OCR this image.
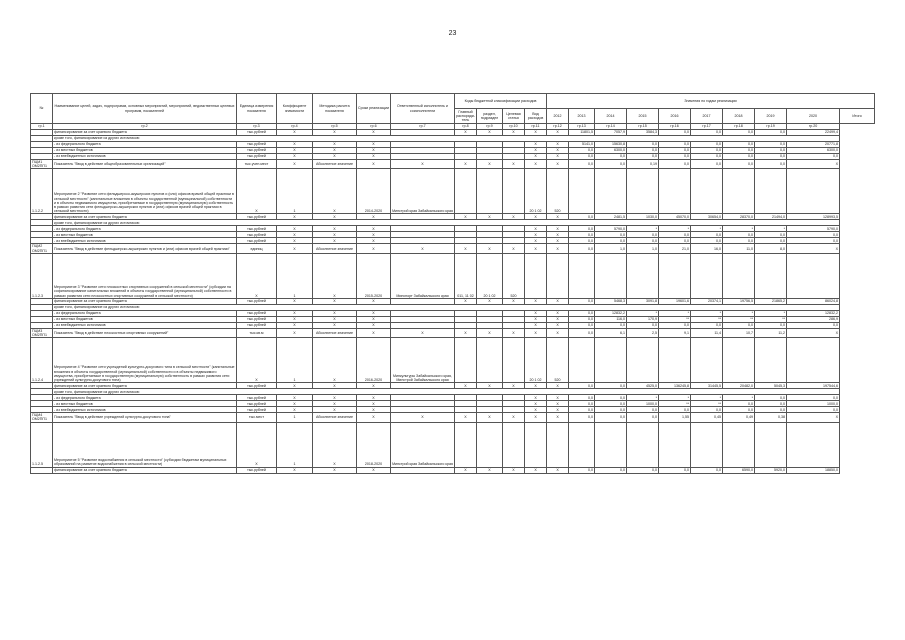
23
№	Наименование целей, задач, подпрограмм, основных мероприятий, мероприятий, ведомственных целевых программ, показателей	Единица измерения показателя	Коэффициент значимости	Методика расчета показателя	Сроки реализации	Ответственный исполнитель и соисполнители	Коды бюджетной классификации расходов				Значения по годам реализации									
							Главный распоряди-тель	раздел, подраздел	Целевая статья	Вид расходов	2012	2013	2014	2015	2016	2017	2018	2019	2020	Итого
гр.1	гр.2	гр.3	гр.4	гр.5	гр.6	гр.7	гр.8	гр.9	гр.10	гр.11	гр.12	гр.13	гр.14	гр.15	гр.16	гр.17	гр.18	гр.19	гр.20	
	финансирование за счет краевого бюджета	тыс.рублей	X	X	X		X	X	X	X	X	11801,5	7057,9	3584,3	0,0	0,0	0,0	0,0	22499,4	
	кроме того, финансирование из других источников:																			
	- из федерального бюджета	тыс.рублей	X	X	X					X	X	5141,0	15630,8	0,0	0,0	0,0	0,0	0,0	20771,8	
	- из местных бюджетов	тыс.рублей	X	X	X					X	X	0,0	6300,0	0,0	0,0	0,0	0,0	0,0	6300,0	
	- из внебюджетных источников	тыс.рублей	X	X	X					X	X	0,0	0,0	0,0	0,0	0,0	0,0	0,0	0,0	
ПЦМ1 ОМ2ПП1	Показатель "Ввод в действие общеобразовательных организаций"	тыс.учен.мест	X	Абсолютное значение	X	X	X	X	X	X	X	0,0	0,0	0,19	0,0	0,0	0,0	0,0	X	
1.1.2.2	Мероприятие 2 "Развитие сети фельдшерско-акушерских пунктов и (или) офисов врачей общей практики в сельской местности" (капитальные вложения в объекты государственной (муниципальной) собственности и в объекты недвижимого имущества, приобретаемые в государственную (муниципальную) собственность в рамках развития сети фельдшерско-акушерских пунктов и (или) офисов врачей общей практики в сельской местности)	X	1	X	2014-2020	Минстрой края Забайкальского края				20 1 02	520									
	финансирование за счет краевого бюджета	тыс.рублей	X	X	X		X	X	X	X	X	0,0	2481,5	1030,0	45070,0	30654,0	28370,0	21494,0	128993,5	
	кроме того, финансирование из других источников:																			
	- из федерального бюджета	тыс.рублей	X	X	X					X	X	0,0	5790,0	*	*	*	*	*	5790,0	
	- из местных бюджетов	тыс.рублей	X	X	X					X	X	0,0	0,0	0,0	0,0	0,0	0,0	0,0	0,0	
	- из внебюджетных источников	тыс.рублей	X	X	X					X	X	0,0	0,0	0,0	0,0	0,0	0,0	0,0	0,0	
ПЦМ2 ОМ2ПП1	Показатель "Ввод в действие фельдшерско-акушерских пунктов и (или) офисов врачей общей практики"	единиц	X	Абсолютное значение	X	X	X	X	X	X	X	0,0	1,0	1,0	21,0	16,0	11,0	8,0	X	
1.1.2.3	Мероприятие 3 "Развитие сети плоскостных спортивных сооружений в сельской местности" (субсидии на софинансирование капитальных вложений в объекты государственной (муниципальной) собственности в рамках развития сети плоскостных спортивных сооружений в сельской местности)	X	1	X	2015-2020	Минспорт Забайкальского края	011, 11 02	20 1 02	520											
	финансирование за счет краевого бюджета	тыс.рублей	X	X	X		X	X	X	X	X	0,0	5468,3	3091,8	19601,6	20374,1	19756,5	21865,2	86024,8	
	кроме того, финансирование из других источников:																			
	- из федерального бюджета	тыс.рублей	X	X	X					X	X	0,0	12832,2	*	*	*	*	*	12832,2	
	- из местных бюджетов	тыс.рублей	X	X	X					X	X	0,0	116,0	170,9	**	**	**	**	286,9	
	- из внебюджетных источников	тыс.рублей	X	X	X					X	X	0,0	0,0	0,0	0,0	0,0	0,0	0,0	0,0	
ПЦМ3 ОМ2ПП1	Показатель "Ввод в действие плоскостных спортивных сооружений"	тыс.кв.м	X	Абсолютное значение	X	X	X	X	X	X	X	0,0	6,1	2,5	9,1	11,4	10,7	11,2	X	
1.1.2.4	Мероприятие 4 "Развитие сети учреждений культурно-досугового типа в сельской местности" (капитальные вложения в объекты государственной (муниципальной) собственности и в объекты недвижимого имущества, приобретаемые в государственную (муниципальную) собственность в рамках развития сети учреждений культурно-досугового типа)	X	1	X	2016-2020	Минкультуры Забайкальского края, Минстрой Забайкальского края				20 1 02	520									
	финансирование за счет краевого бюджета	тыс.рублей	X	X	X		X	X	X	X	X	0,0	0,0	4525,0	136245,8	31445,5	20482,0	5045,3	197544,6	
	кроме того, финансирование из других источников:																			
	- из федерального бюджета	тыс.рублей	X	X	X					X	X	0,0	0,0	*	*	*	*	0,0	0,0	
	- из местных бюджетов	тыс.рублей	X	X	X					X	X	0,0	0,0	1000,0	**	**	0,0	0,0	1000,0	
	- из внебюджетных источников	тыс.рублей	X	X	X					X	X	0,0	0,0	0,0	0,0	0,0	0,0	0,0	0,0	
ПЦМ4 ОМ2ПП1	Показатель "Ввод в действие учреждений культурно-досугового типа"	тыс.мест	1	Абсолютное значение	X	X	X	X	X	X	X	0,0	0,0	0,0	1,55	0,45	0,49	0,38	X	
1.1.2.5	Мероприятие 5 "Развитие водоснабжения в сельской местности" (субсидии бюджетам муниципальных образований на развитие водоснабжения в сельской местности)	X	1	X	2018-2020	Минстрой края Забайкальского края														
	финансирование за счет краевого бюджета	тыс.рублей	X	X	X		X	X	X	X	X	0,0	0,0	0,0	0,0	0,0	6590,0	5920,0	18850,0	
